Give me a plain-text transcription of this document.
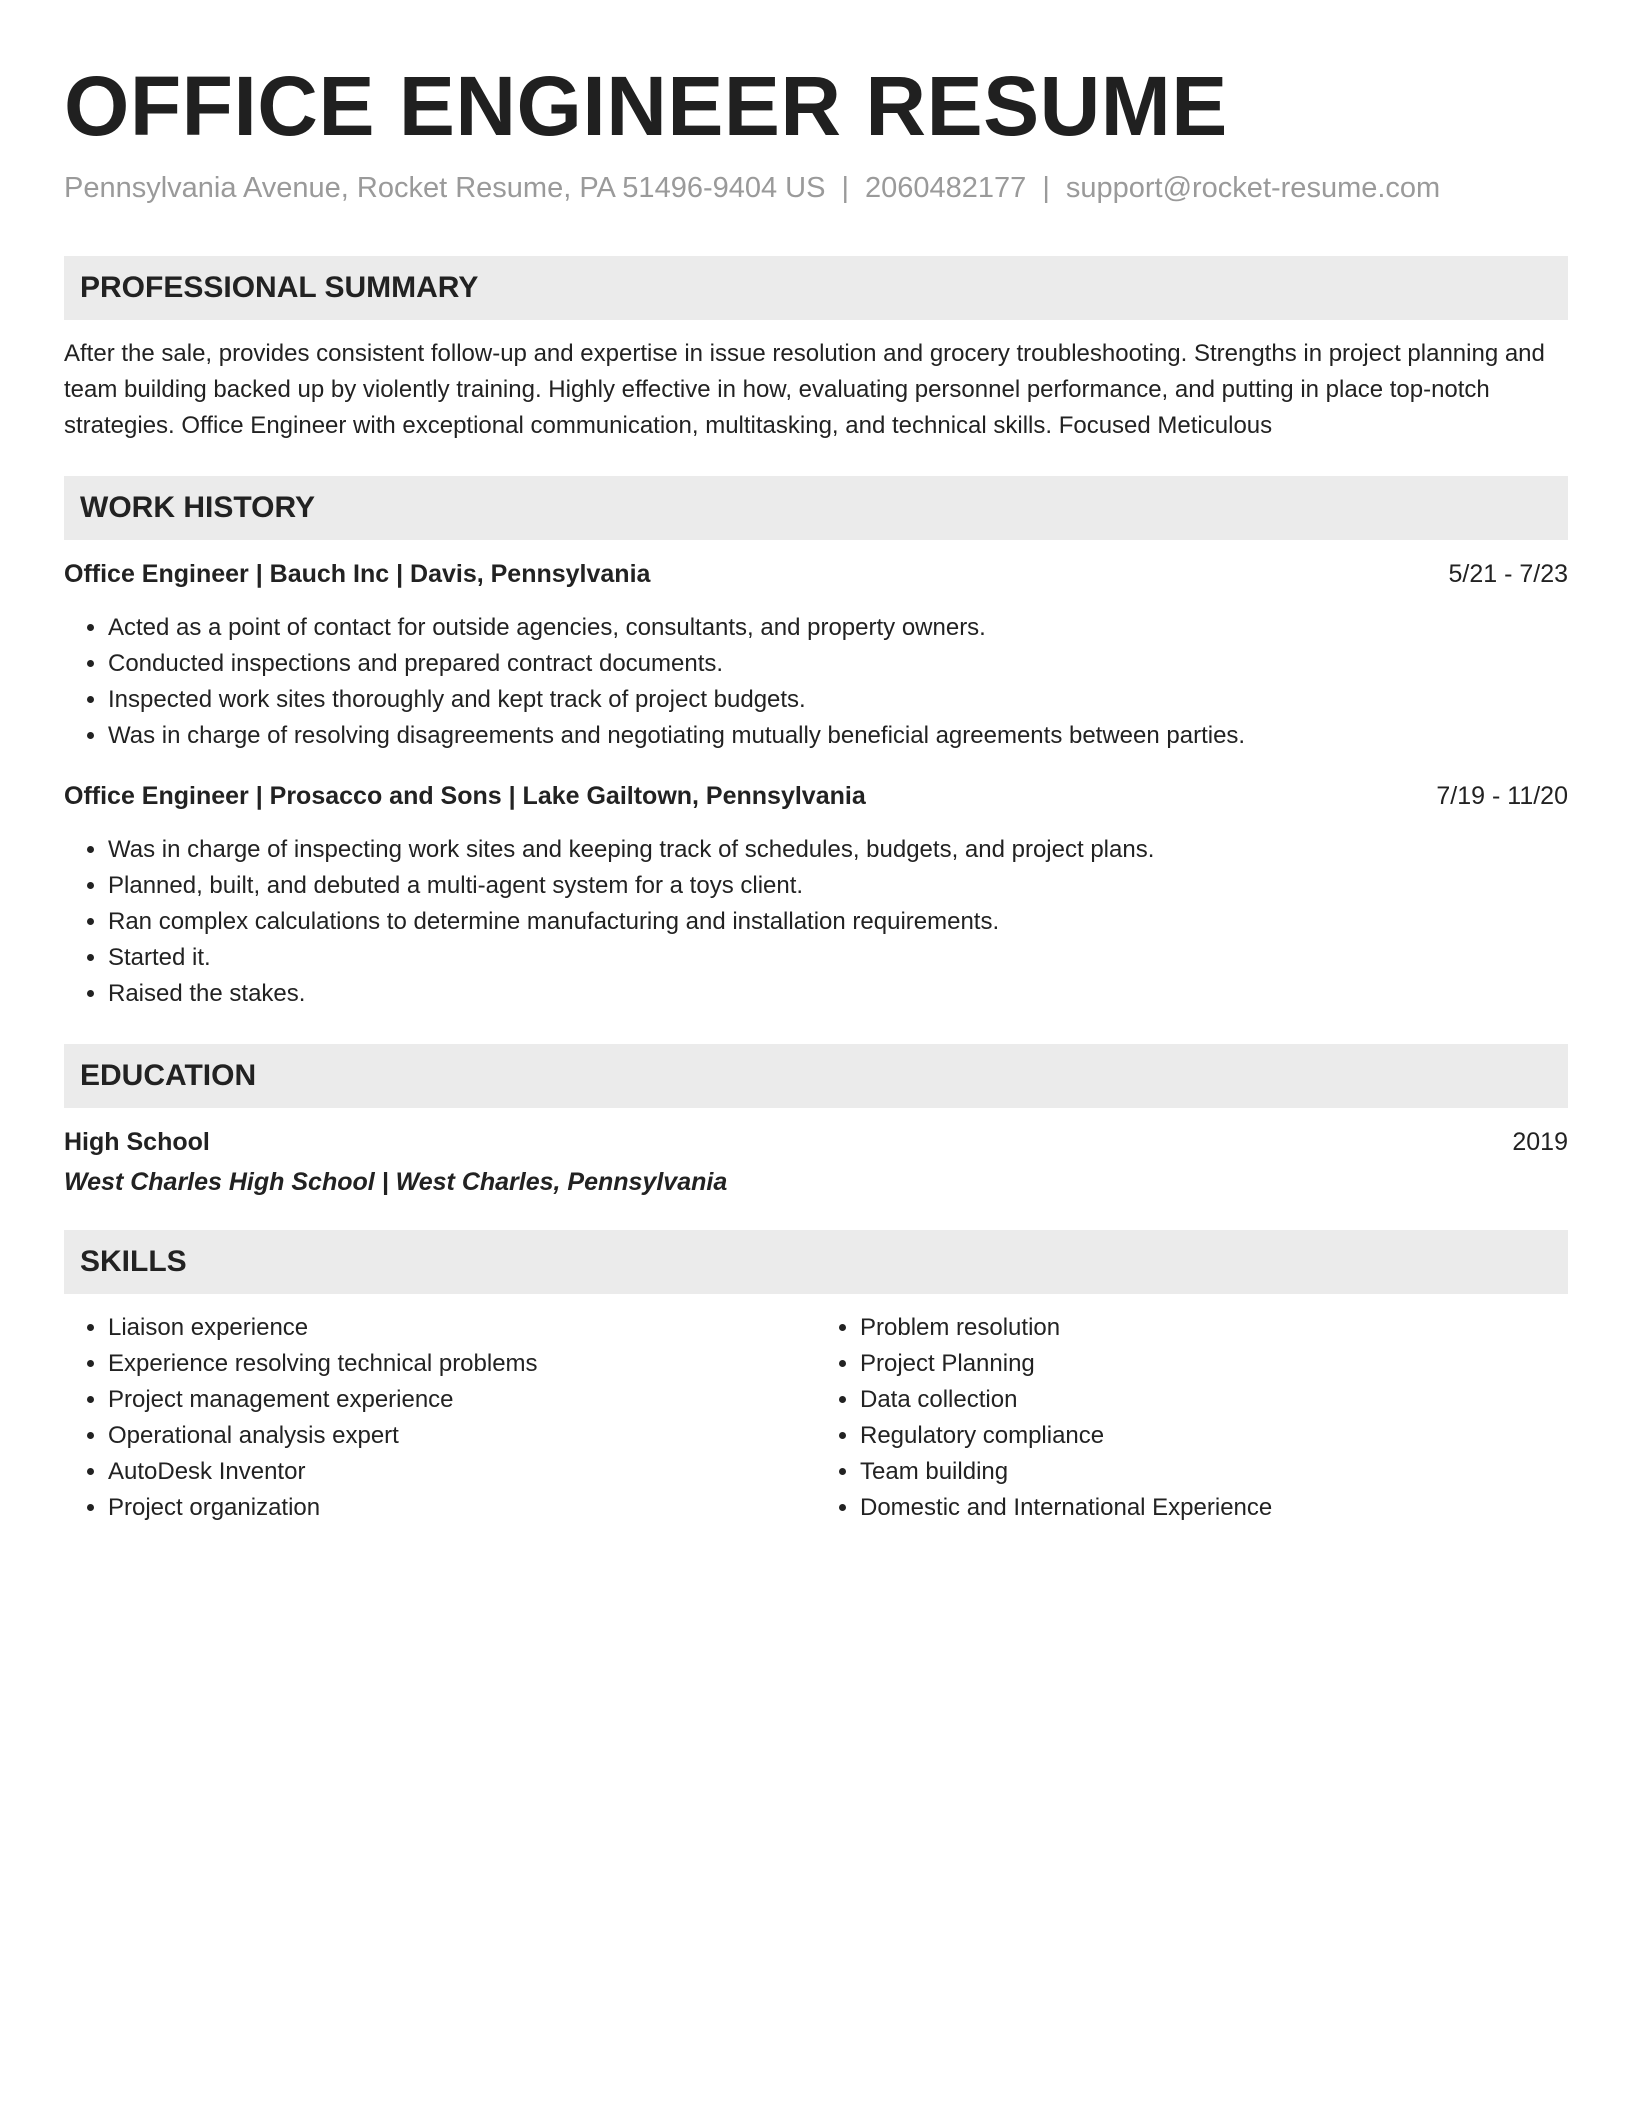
OFFICE ENGINEER RESUME
Pennsylvania Avenue, Rocket Resume, PA 51496-9404 US | 2060482177 | support@rocket-resume.com
PROFESSIONAL SUMMARY
After the sale, provides consistent follow-up and expertise in issue resolution and grocery troubleshooting. Strengths in project planning and team building backed up by violently training. Highly effective in how, evaluating personnel performance, and putting in place top-notch strategies. Office Engineer with exceptional communication, multitasking, and technical skills. Focused Meticulous
WORK HISTORY
Office Engineer | Bauch Inc | Davis, Pennsylvania	5/21 - 7/23
• Acted as a point of contact for outside agencies, consultants, and property owners.
• Conducted inspections and prepared contract documents.
• Inspected work sites thoroughly and kept track of project budgets.
• Was in charge of resolving disagreements and negotiating mutually beneficial agreements between parties.
Office Engineer | Prosacco and Sons | Lake Gailtown, Pennsylvania	7/19 - 11/20
• Was in charge of inspecting work sites and keeping track of schedules, budgets, and project plans.
• Planned, built, and debuted a multi-agent system for a toys client.
• Ran complex calculations to determine manufacturing and installation requirements.
• Started it.
• Raised the stakes.
EDUCATION
High School	2019
West Charles High School | West Charles, Pennsylvania
SKILLS
• Liaison experience
• Experience resolving technical problems
• Project management experience
• Operational analysis expert
• AutoDesk Inventor
• Project organization
• Problem resolution
• Project Planning
• Data collection
• Regulatory compliance
• Team building
• Domestic and International Experience
